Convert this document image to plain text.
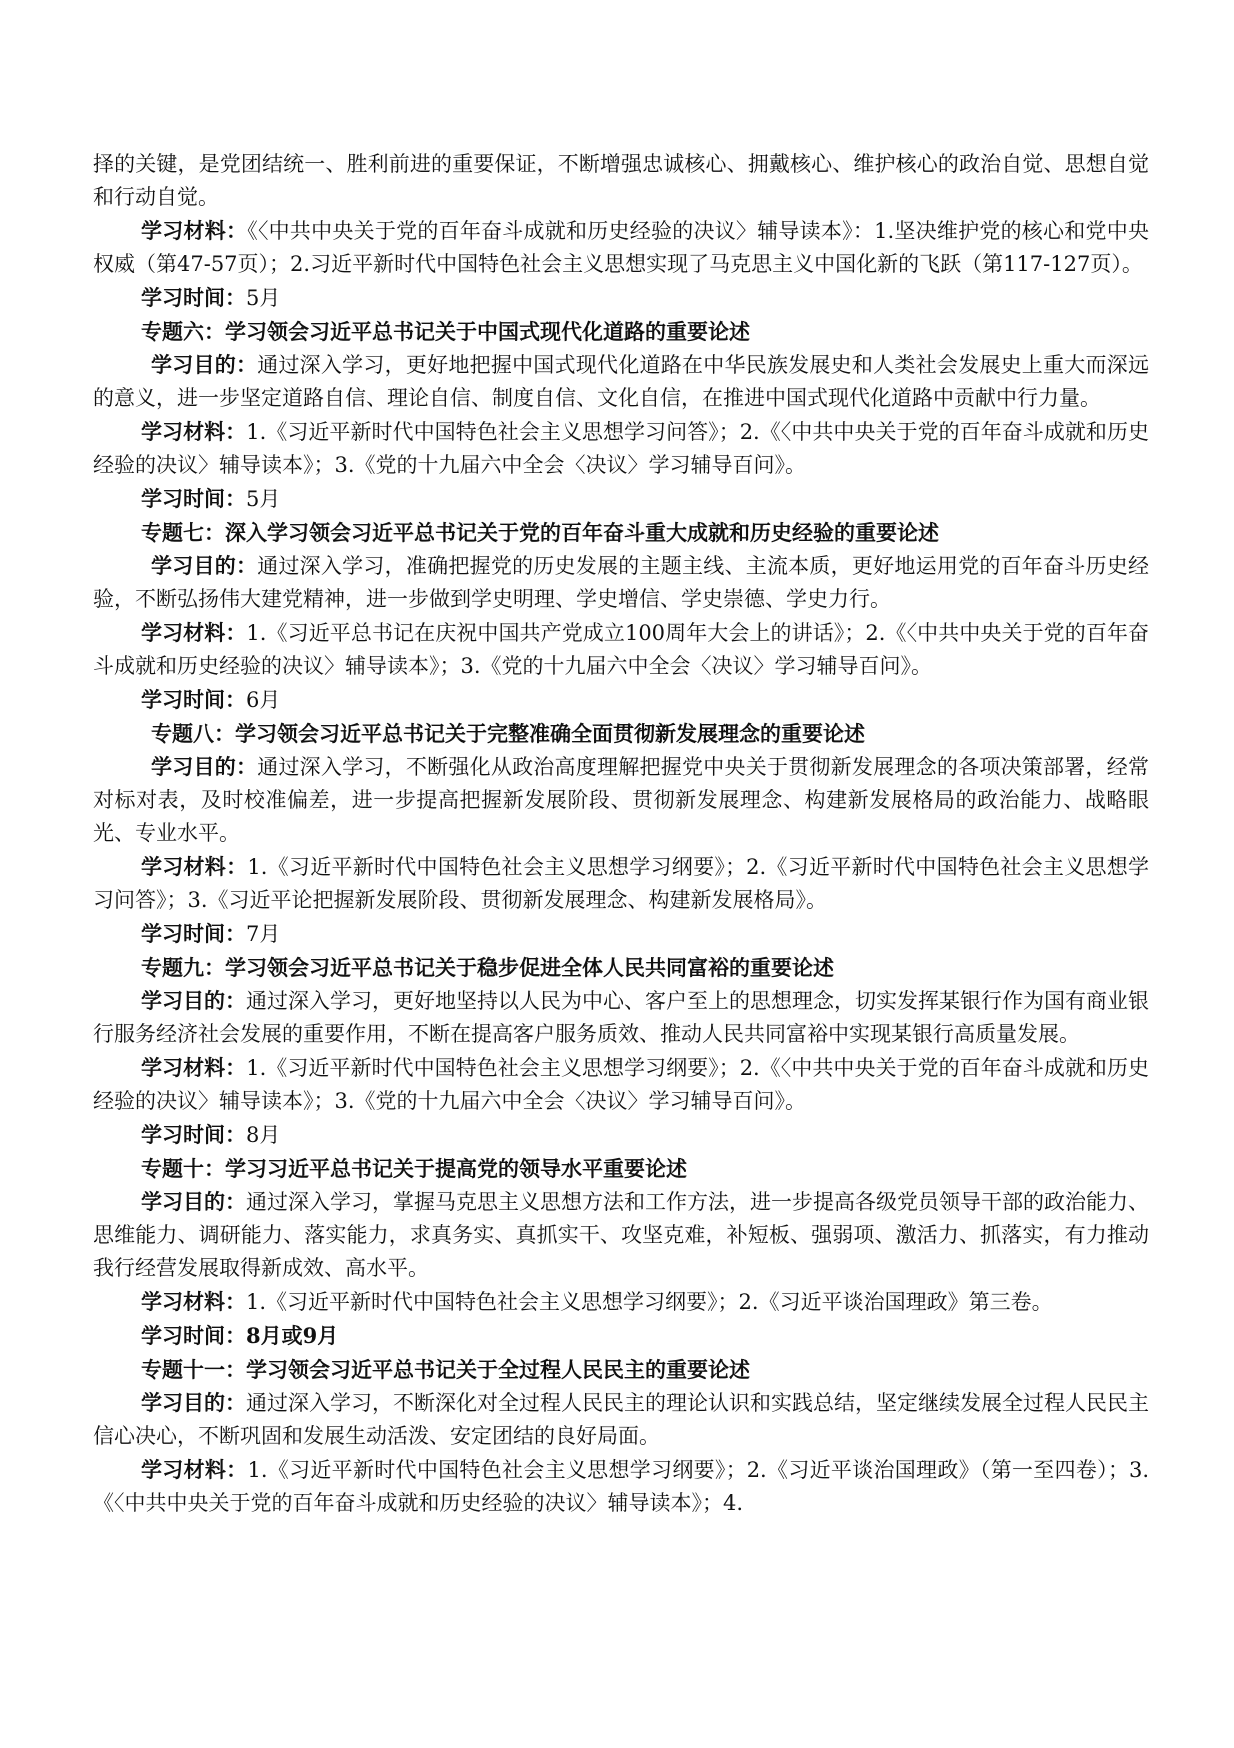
择的关键，是党团结统一、胜利前进的重要保证，不断增强忠诚核心、拥戴核心、维护核心的政治自觉、思想自觉和行动自觉。

学习材料：《〈中共中央关于党的百年奋斗成就和历史经验的决议〉辅导读本》：1.坚决维护党的核心和党中央权威（第47-57页）；2.习近平新时代中国特色社会主义思想实现了马克思主义中国化新的飞跃（第117-127页）。

学习时间：5月

专题六：学习领会习近平总书记关于中国式现代化道路的重要论述

学习目的：通过深入学习，更好地把握中国式现代化道路在中华民族发展史和人类社会发展史上重大而深远的意义，进一步坚定道路自信、理论自信、制度自信、文化自信，在推进中国式现代化道路中贡献中行力量。

学习材料：1.《习近平新时代中国特色社会主义思想学习问答》；2.《〈中共中央关于党的百年奋斗成就和历史经验的决议〉辅导读本》；3.《党的十九届六中全会〈决议〉学习辅导百问》。

学习时间：5月

专题七：深入学习领会习近平总书记关于党的百年奋斗重大成就和历史经验的重要论述

学习目的：通过深入学习，准确把握党的历史发展的主题主线、主流本质，更好地运用党的百年奋斗历史经验，不断弘扬伟大建党精神，进一步做到学史明理、学史增信、学史崇德、学史力行。

学习材料：1.《习近平总书记在庆祝中国共产党成立100周年大会上的讲话》；2.《〈中共中央关于党的百年奋斗成就和历史经验的决议〉辅导读本》；3.《党的十九届六中全会〈决议〉学习辅导百问》。

学习时间：6月

专题八：学习领会习近平总书记关于完整准确全面贯彻新发展理念的重要论述

学习目的：通过深入学习，不断强化从政治高度理解把握党中央关于贯彻新发展理念的各项决策部署，经常对标对表，及时校准偏差，进一步提高把握新发展阶段、贯彻新发展理念、构建新发展格局的政治能力、战略眼光、专业水平。

学习材料：1.《习近平新时代中国特色社会主义思想学习纲要》；2.《习近平新时代中国特色社会主义思想学习问答》；3.《习近平论把握新发展阶段、贯彻新发展理念、构建新发展格局》。

学习时间：7月

专题九：学习领会习近平总书记关于稳步促进全体人民共同富裕的重要论述

学习目的：通过深入学习，更好地坚持以人民为中心、客户至上的思想理念，切实发挥某银行作为国有商业银行服务经济社会发展的重要作用，不断在提高客户服务质效、推动人民共同富裕中实现某银行高质量发展。

学习材料：1.《习近平新时代中国特色社会主义思想学习纲要》；2.《〈中共中央关于党的百年奋斗成就和历史经验的决议〉辅导读本》；3.《党的十九届六中全会〈决议〉学习辅导百问》。

学习时间：8月

专题十：学习习近平总书记关于提高党的领导水平重要论述

学习目的：通过深入学习，掌握马克思主义思想方法和工作方法，进一步提高各级党员领导干部的政治能力、思维能力、调研能力、落实能力，求真务实、真抓实干、攻坚克难，补短板、强弱项、激活力、抓落实，有力推动我行经营发展取得新成效、高水平。

学习材料：1.《习近平新时代中国特色社会主义思想学习纲要》；2.《习近平谈治国理政》第三卷。

学习时间：8月或9月

专题十一：学习领会习近平总书记关于全过程人民民主的重要论述

学习目的：通过深入学习，不断深化对全过程人民民主的理论认识和实践总结，坚定继续发展全过程人民民主信心决心，不断巩固和发展生动活泼、安定团结的良好局面。

学习材料：1.《习近平新时代中国特色社会主义思想学习纲要》；2.《习近平谈治国理政》（第一至四卷）；3.《〈中共中央关于党的百年奋斗成就和历史经验的决议〉辅导读本》；4.
